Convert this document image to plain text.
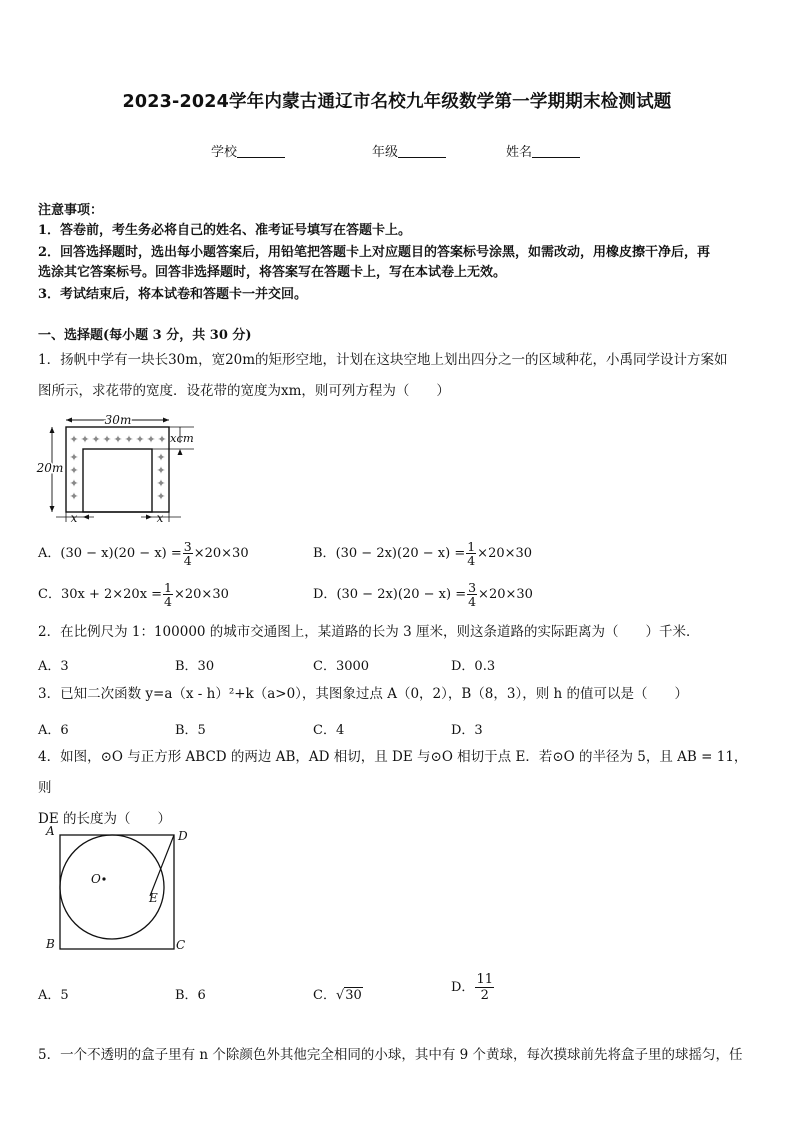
2023-2024学年内蒙古通辽市名校九年级数学第一学期期末检测试题
学校	年级	姓名
注意事项：
1．答卷前，考生务必将自己的姓名、准考证号填写在答题卡上。
2．回答选择题时，选出每小题答案后，用铅笔把答题卡上对应题目的答案标号涂黑，如需改动，用橡皮擦干净后，再
选涂其它答案标号。回答非选择题时，将答案写在答题卡上，写在本试卷上无效。
3．考试结束后，将本试卷和答题卡一并交回。
一、选择题(每小题 3 分，共 30 分)
1．扬帆中学有一块长30m，宽20m的矩形空地，计划在这块空地上划出四分之一的区域种花，小禹同学设计方案如
图所示，求花带的宽度．设花带的宽度为xm，则可列方程为（　　）
✦ ✦ ✦ ✦ ✦ ✦ ✦ ✦ ✦
✦
✦
✦
✦
✦
✦
✦
✦
30m
20m
xcm
x	x
A．$(30 - x)(20 - x) = \frac{3}{4} \times 20\times 30$	B．$(30 - 2x)(20 - x) = \frac{1}{4} \times 20\times 30$
C．$30x + 2\times 20x = \frac{1}{4} \times 20\times 30$	D．$(30 - 2x)(20 - x) = \frac{3}{4} \times 20\times 30$
2．在比例尺为 1：100000 的城市交通图上，某道路的长为 3 厘米，则这条道路的实际距离为（　　）千米．
A．3	B．30	C．3000	D．0.3
3．已知二次函数 y=a（x - h）²+k（a>0），其图象过点 A（0，2），B（8，3），则 h 的值可以是（　　）
A．6	B．5	C．4	D．3
4．如图，⊙O 与正方形 ABCD 的两边 AB，AD 相切，且 DE 与⊙O 相切于点 E．若⊙O 的半径为 5，且 AB = 11，则
DE 的长度为（　　）
A	D
B	C
O
E
A．5	B．6	C．√30
D． $\frac{11}{2}$
5．一个不透明的盒子里有 n 个除颜色外其他完全相同的小球，其中有 9 个黄球，每次摸球前先将盒子里的球摇匀，任
